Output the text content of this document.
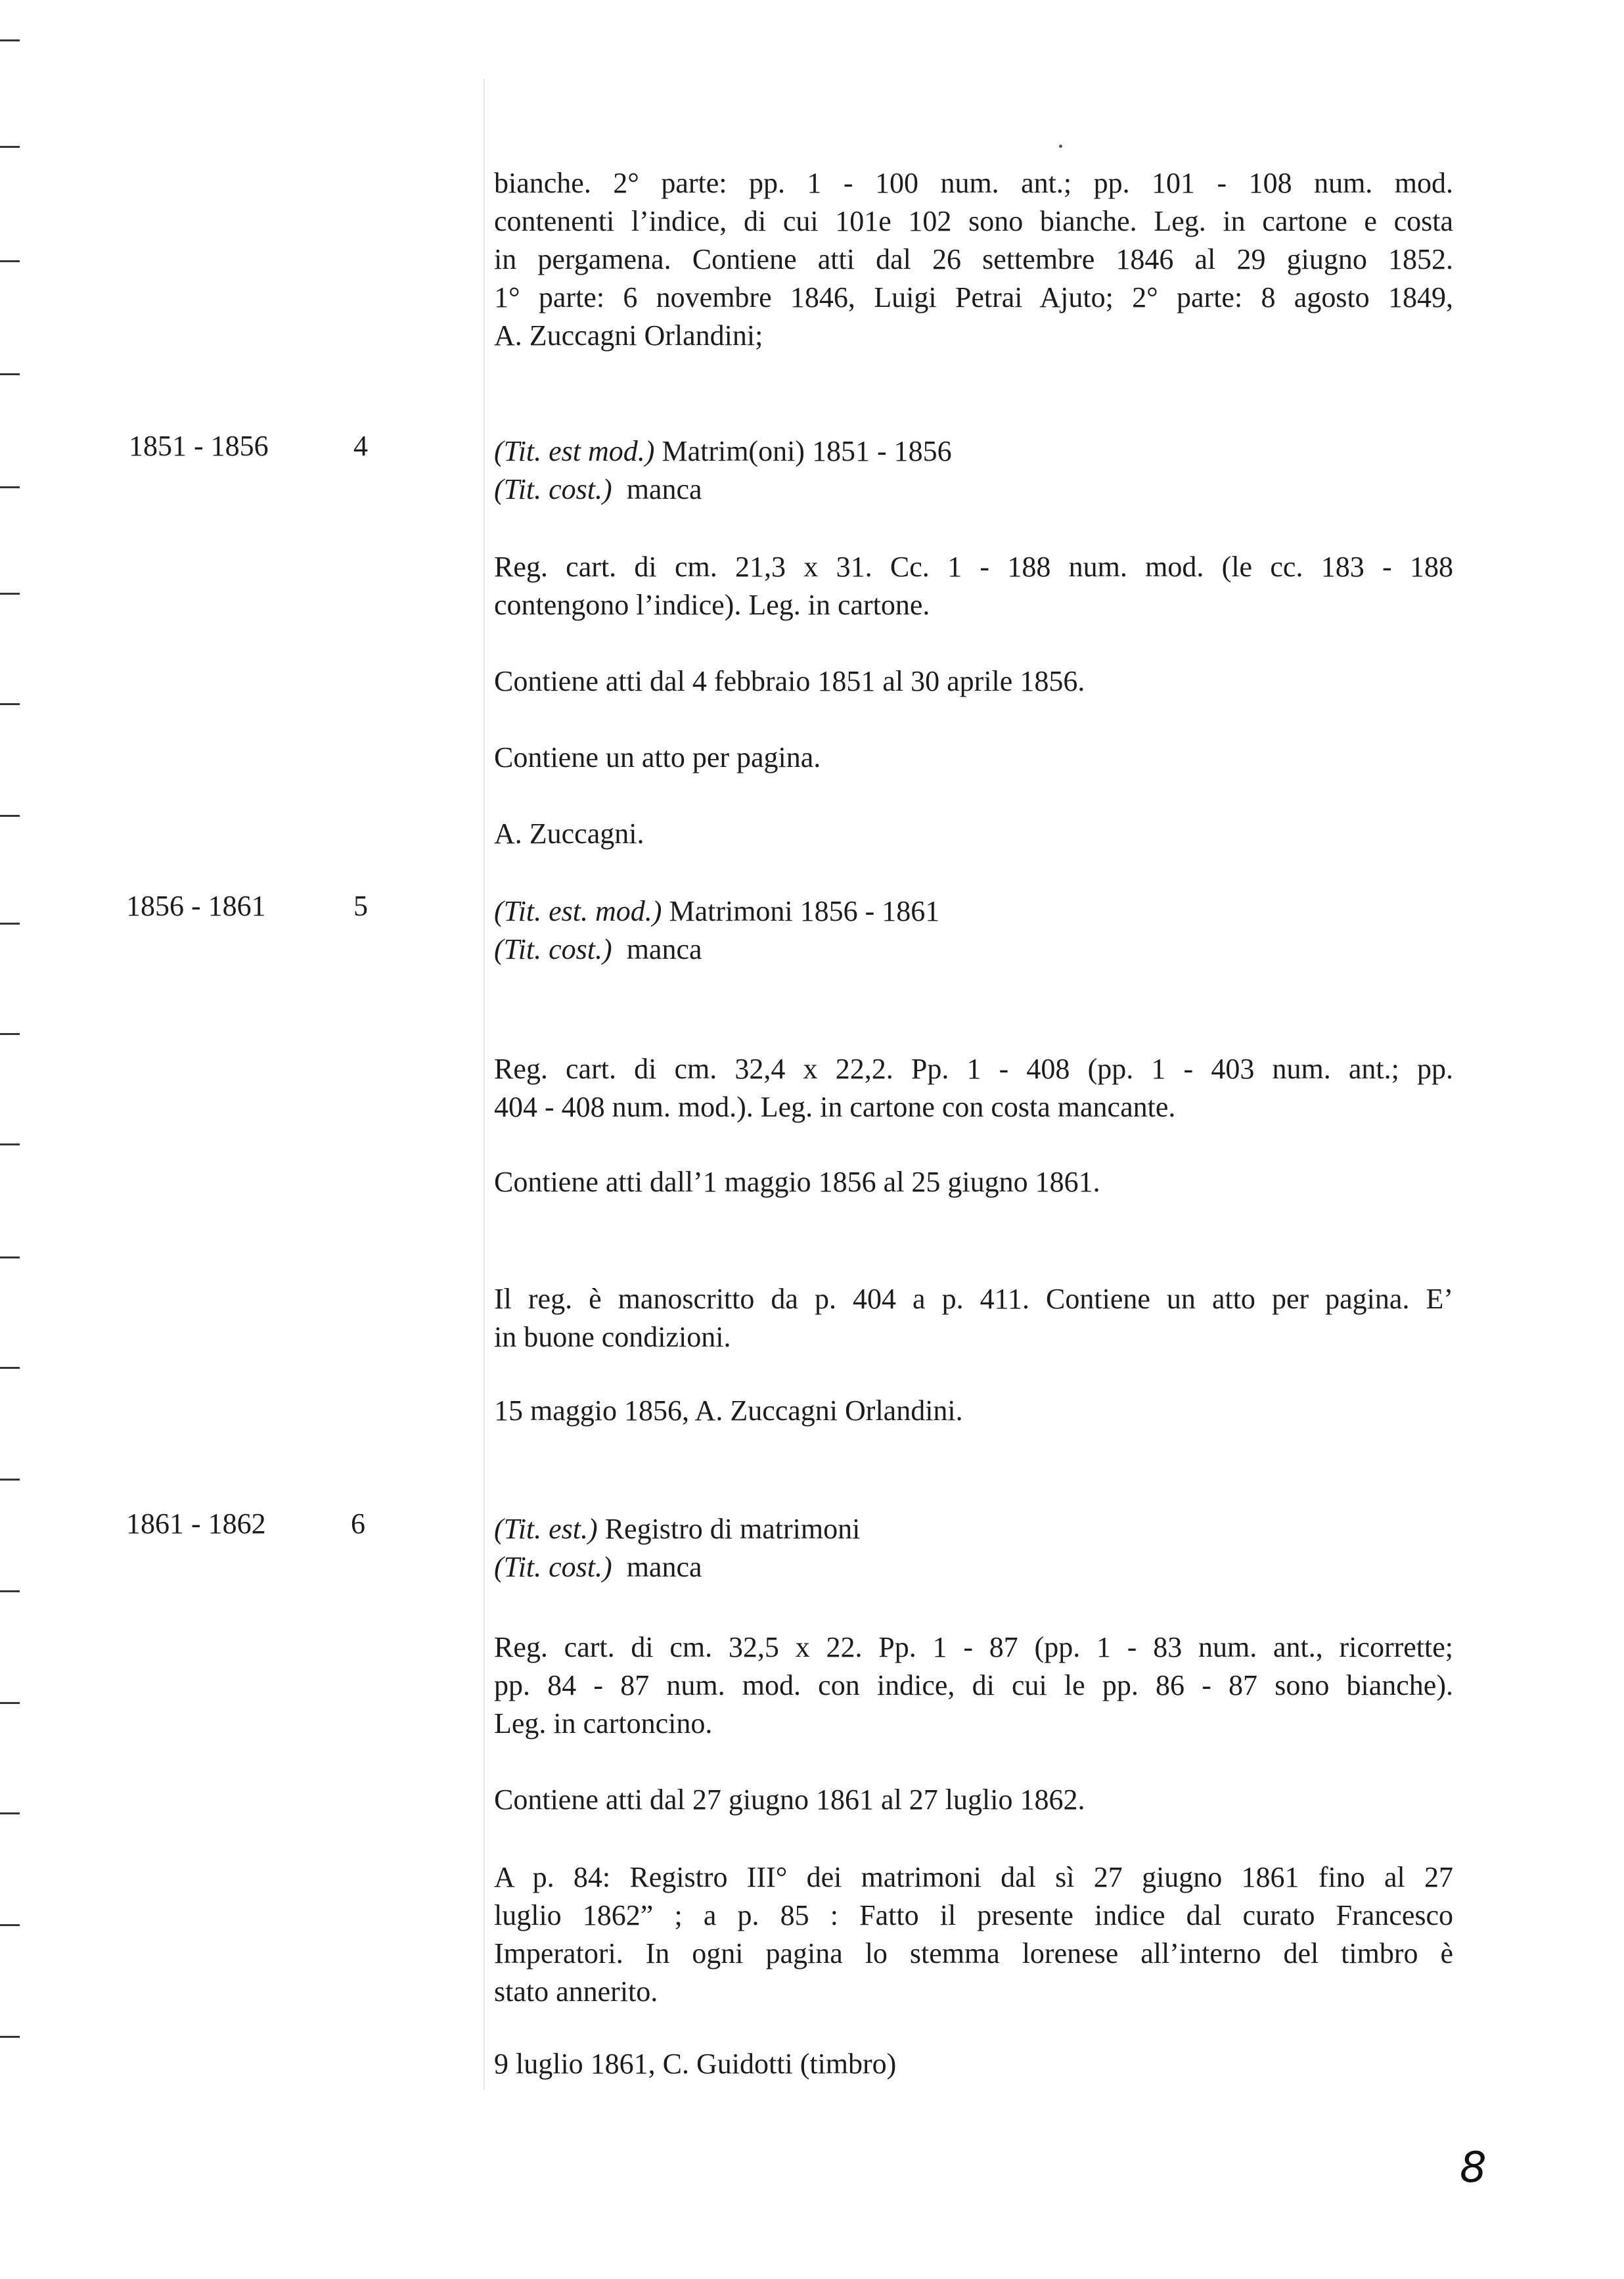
bianche. 2° parte: pp. 1 - 100 num. ant.; pp. 101 - 108 num. mod.
contenenti l’indice, di cui 101e 102 sono bianche. Leg. in cartone e costa
in pergamena. Contiene atti dal 26 settembre 1846 al 29 giugno 1852.
1° parte: 6 novembre 1846, Luigi Petrai Ajuto; 2° parte: 8 agosto 1849,
A. Zuccagni Orlandini;
1851 - 1856	4	(Tit. est mod.) Matrim(oni) 1851 - 1856
(Tit. cost.) manca
Reg. cart. di cm. 21,3 x 31. Cc. 1 - 188 num. mod. (le cc. 183 - 188
contengono l’indice). Leg. in cartone.
Contiene atti dal 4 febbraio 1851 al 30 aprile 1856.
Contiene un atto per pagina.
A. Zuccagni.
1856 - 1861	5	(Tit. est. mod.) Matrimoni 1856 - 1861
(Tit. cost.) manca
Reg. cart. di cm. 32,4 x 22,2. Pp. 1 - 408 (pp. 1 - 403 num. ant.; pp.
404 - 408 num. mod.). Leg. in cartone con costa mancante.
Contiene atti dall’1 maggio 1856 al 25 giugno 1861.
Il reg. è manoscritto da p. 404 a p. 411. Contiene un atto per pagina. E’
in buone condizioni.
15 maggio 1856, A. Zuccagni Orlandini.
1861 - 1862	6	(Tit. est.) Registro di matrimoni
(Tit. cost.) manca
Reg. cart. di cm. 32,5 x 22. Pp. 1 - 87 (pp. 1 - 83 num. ant., ricorrette;
pp. 84 - 87 num. mod. con indice, di cui le pp. 86 - 87 sono bianche).
Leg. in cartoncino.
Contiene atti dal 27 giugno 1861 al 27 luglio 1862.
A p. 84: Registro III° dei matrimoni dal sì 27 giugno 1861 fino al 27
luglio 1862” ; a p. 85 : Fatto il presente indice dal curato Francesco
Imperatori. In ogni pagina lo stemma lorenese all’interno del timbro è
stato annerito.
9 luglio 1861, C. Guidotti (timbro)
8
